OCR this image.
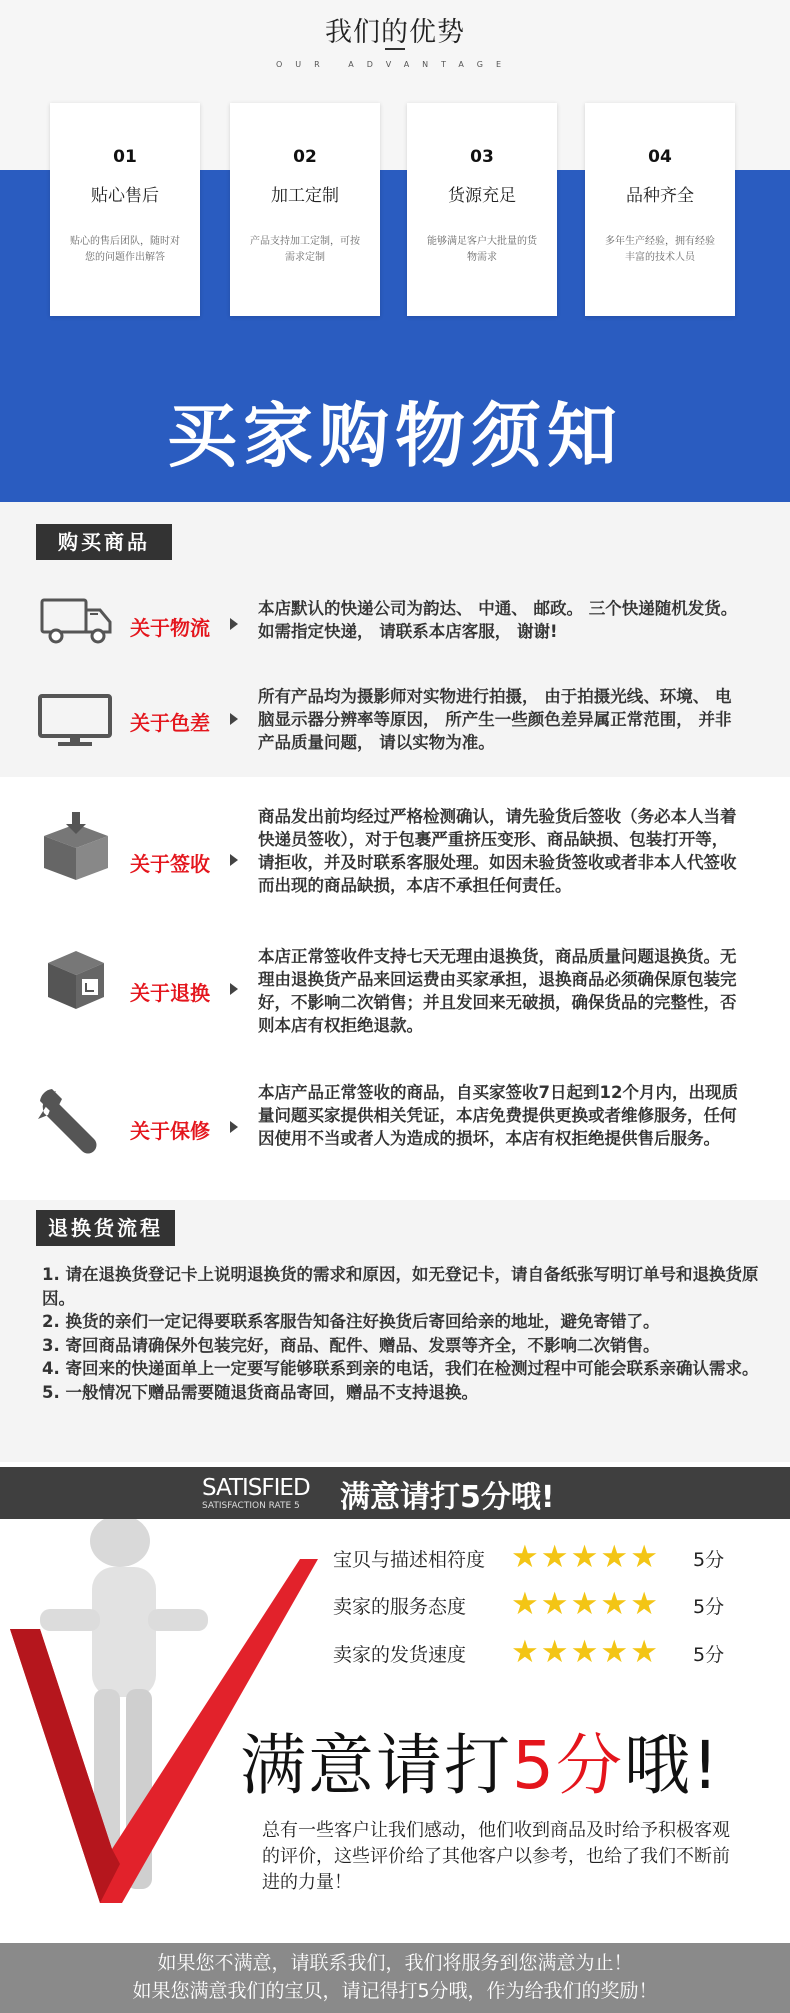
我们的优势
OUR ADVANTAGE
01
贴心售后
贴心的售后团队，随时对您的问题作出解答
02
加工定制
产品支持加工定制，可按需求定制
03
货源充足
能够满足客户大批量的货物需求
04
品种齐全
多年生产经验，拥有经验丰富的技术人员
买家购物须知
购买商品
关于物流
本店默认的快递公司为韵达、 中通、 邮政。 三个快递随机发货。 如需指定快递， 请联系本店客服， 谢谢!
关于色差
所有产品均为摄影师对实物进行拍摄， 由于拍摄光线、环境、 电脑显示器分辨率等原因， 所产生一些颜色差异属正常范围， 并非产品质量问题， 请以实物为准。
关于签收
商品发出前均经过严格检测确认，请先验货后签收（务必本人当着快递员签收），对于包裹严重挤压变形、商品缺损、包装打开等，请拒收，并及时联系客服处理。如因未验货签收或者非本人代签收而出现的商品缺损，本店不承担任何责任。
关于退换
本店正常签收件支持七天无理由退换货，商品质量问题退换货。无理由退换货产品来回运费由买家承担，退换商品必须确保原包装完好，不影响二次销售；并且发回来无破损，确保货品的完整性，否则本店有权拒绝退款。
关于保修
本店产品正常签收的商品，自买家签收7日起到12个月内，出现质量问题买家提供相关凭证，本店免费提供更换或者维修服务，任何因使用不当或者人为造成的损坏，本店有权拒绝提供售后服务。
退换货流程

1. 请在退换货登记卡上说明退换货的需求和原因，如无登记卡，请自备纸张写明订单号和退换货原因。

2. 换货的亲们一定记得要联系客服告知备注好换货后寄回给亲的地址，避免寄错了。

3. 寄回商品请确保外包装完好，商品、配件、赠品、发票等齐全，不影响二次销售。

4. 寄回来的快递面单上一定要写能够联系到亲的电话，我们在检测过程中可能会联系亲确认需求。

5. 一般情况下赠品需要随退货商品寄回，赠品不支持退换。

SATISFIED
SATISFACTION RATE 5 满意请打5分哦!
宝贝与描述相符度 ★★★★★ 5分
卖家的服务态度 ★★★★★ 5分
卖家的发货速度 ★★★★★ 5分
满意请打5分哦!
总有一些客户让我们感动，他们收到商品及时给予积极客观的评价，这些评价给了其他客户以参考，也给了我们不断前进的力量！

如果您不满意，请联系我们，我们将服务到您满意为止！

如果您满意我们的宝贝，请记得打5分哦，作为给我们的奖励！
